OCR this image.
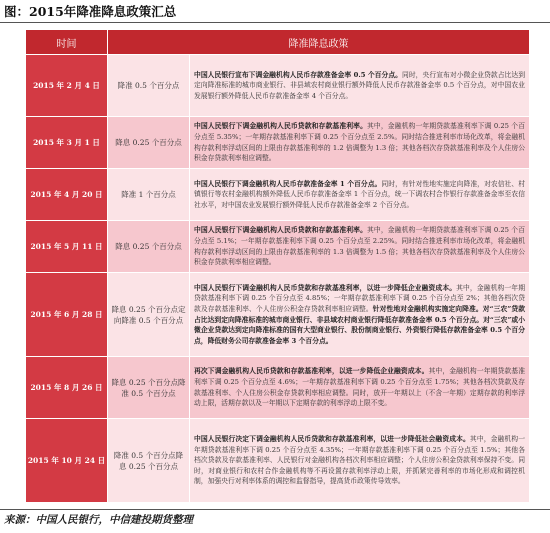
图：2015年降准降息政策汇总
时间	降准降息政策	
2015 年 2 月 4 日	降准 0.5 个百分点	中国人民银行宣布下调金融机构人民币存款准备金率 0.5 个百分点。同时，央行宣布对小微企业贷款占比达到定向降准标准的城市商业银行、非县域农村商业银行额外降低人民币存款准备金率 0.5 个百分点，对中国农业发展银行额外降低人民币存款准备金率 4 个百分点。
2015 年 3 月 1 日	降息 0.25 个百分点	中国人民银行下调金融机构人民币贷款和存款基准利率。其中，金融机构一年期贷款基准利率下调 0.25 个百分点至 5.35%；一年期存款基准利率下调 0.25 个百分点至 2.5%。同时结合推进利率市场化改革，将金融机构存款利率浮动区间的上限由存款基准利率的 1.2 倍调整为 1.3 倍；其他各档次存贷款基准利率及个人住房公积金存贷款利率相应调整。
2015 年 4 月 20 日	降准 1 个百分点	中国人民银行下调金融机构人民币存款准备金率 1 个百分点。同时，有针对性地实施定向降准，对农信社、村镇银行等农村金融机构额外降低人民币存款准备金率 1 个百分点，统一下调农村合作银行存款准备金率至农信社水平，对中国农业发展银行额外降低人民币存款准备金率 2 个百分点。
2015 年 5 月 11 日	降息 0.25 个百分点	中国人民银行下调金融机构人民币贷款和存款基准利率。其中，金融机构一年期贷款基准利率下调 0.25 个百分点至 5.1%；一年期存款基准利率下调 0.25 个百分点至 2.25%。同时结合推进利率市场化改革，将金融机构存款利率浮动区间的上限由存款基准利率的 1.3 倍调整为 1.5 倍；其他各档次存贷款基准利率及个人住房公积金存贷款利率相应调整。
2015 年 6 月 28 日	降息 0.25 个百分点定向降准 0.5 个百分点	中国人民银行下调金融机构人民币贷款和存款基准利率，以进一步降低企业融资成本。其中，金融机构一年期贷款基准利率下调 0.25 个百分点至 4.85%；一年期存款基准利率下调 0.25 个百分点至 2%；其他各档次贷款及存款基准利率、个人住房公积金存贷款利率相应调整。针对性地对金融机构实施定向降准。对“三农”贷款占比达到定向降准标准的城市商业银行、非县域农村商业银行降低存款准备金率 0.5 个百分点。对“三农”或小微企业贷款达到定向降准标准的国有大型商业银行、股份制商业银行、外资银行降低存款准备金率 0.5 个百分点，降低财务公司存款准备金率 3 个百分点。
2015 年 8 月 26 日	降息 0.25 个百分点降准 0.5 个百分点	再次下调金融机构人民币贷款和存款基准利率，以进一步降低企业融资成本。其中，金融机构一年期贷款基准利率下调 0.25 个百分点至 4.6%；一年期存款基准利率下调 0.25 个百分点至 1.75%；其他各档次贷款及存款基准利率、个人住房公积金存贷款利率相应调整。同时，放开一年期以上（不含一年期）定期存款的利率浮动上限，活期存款以及一年期以下定期存款的利率浮动上限不变。
2015 年 10 月 24 日	降准 0.5 个百分点降息 0.25 个百分点	中国人民银行决定下调金融机构人民币贷款和存款基准利率，以进一步降低社会融资成本。其中，金融机构一年期贷款基准利率下调 0.25 个百分点至 4.35%；一年期存款基准利率下调 0.25 个百分点至 1.5%；其他各档次贷款及存款基准利率、人民银行对金融机构各档次利率相应调整；个人住房公积金贷款利率保持不变。同时，对商业银行和农村合作金融机构等不再设置存款利率浮动上限，并抓紧完善利率的市场化形成和调控机制，加强央行对利率体系的调控和监督指导，提高货币政策传导效率。
来源：中国人民银行，中信建投期货整理
